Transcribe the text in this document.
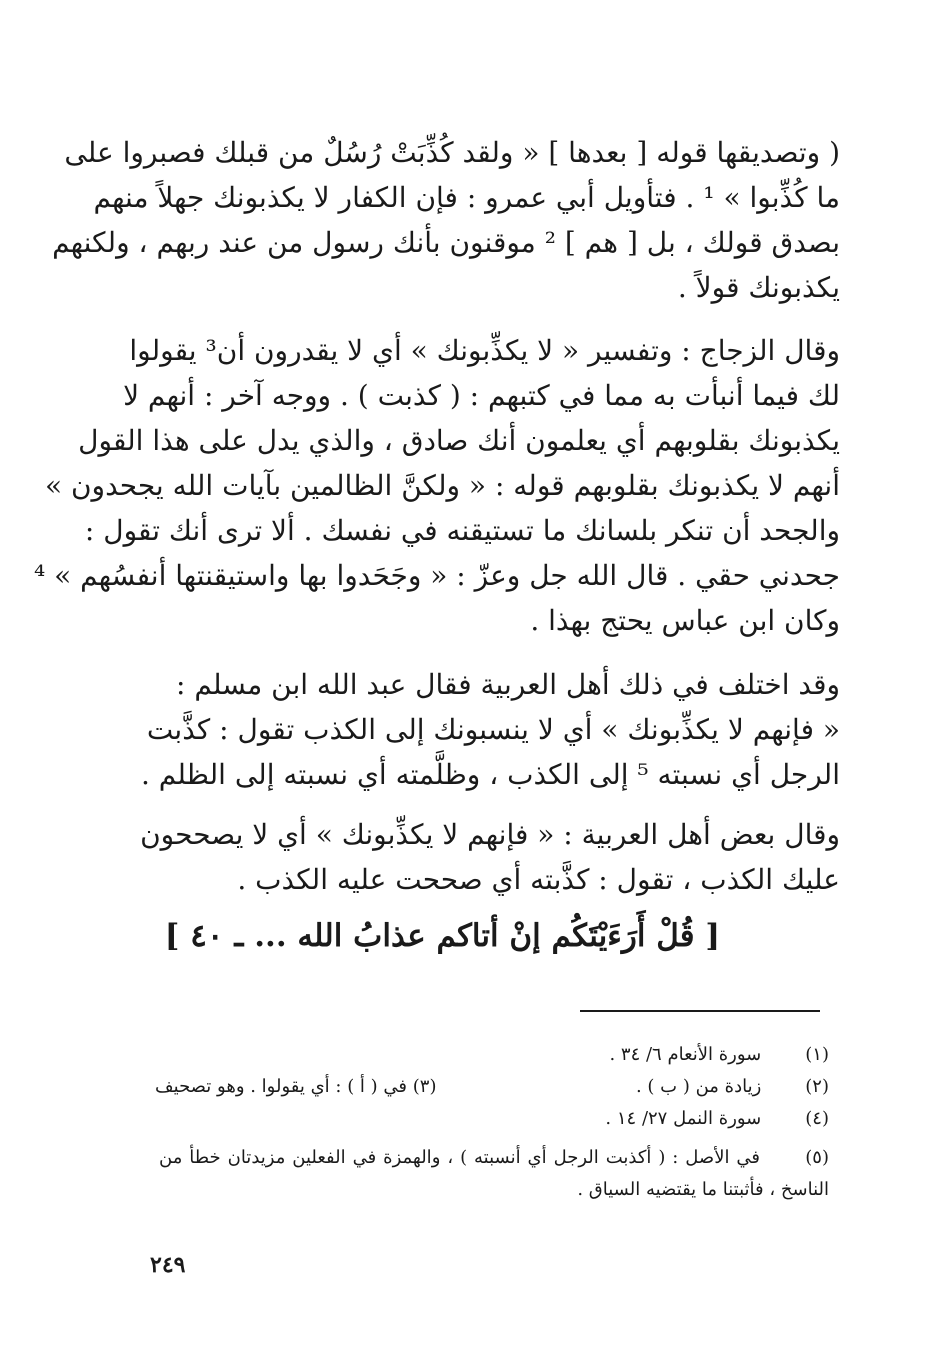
( وتصديقها قوله [ بعدها ] « ولقد كُذِّبَتْ رُسُلٌ من قبلك فصبروا على
ما كُذِّبوا » ¹ . فتأويل أبي عمرو : فإن الكفار لا يكذبونك جهلاً منهم
بصدق قولك ، بل [ هم ] ² موقنون بأنك رسول من عند ربهم ، ولكنهم
يكذبونك قولاً .
وقال الزجاج : وتفسير « لا يكذِّبونك » أي لا يقدرون أن³ يقولوا
لك فيما أنبأت به مما في كتبهم : ( كذبت ) . ووجه آخر : أنهم لا
يكذبونك بقلوبهم أي يعلمون أنك صادق ، والذي يدل على هذا القول
أنهم لا يكذبونك بقلوبهم قوله : « ولكنَّ الظالمين بآيات الله يجحدون »
والجحد أن تنكر بلسانك ما تستيقنه في نفسك . ألا ترى أنك تقول :
جحدني حقي . قال الله جل وعزّ : « وجَحَدوا بها واستيقنتها أنفسُهم » ⁴
وكان ابن عباس يحتج بهذا .
وقد اختلف في ذلك أهل العربية فقال عبد الله ابن مسلم :
« فإنهم لا يكذِّبونك » أي لا ينسبونك إلى الكذب تقول : كذَّبت
الرجل أي نسبته ⁵ إلى الكذب ، وظلَّمته أي نسبته إلى الظلم .
وقال بعض أهل العربية : « فإنهم لا يكذِّبونك » أي لا يصححون
عليك الكذب ، تقول : كذَّبته أي صححت عليه الكذب .
[ قُلْ أَرَءَيْتَكُم إنْ أتاكم عذابُ الله ... ـ ٤٠ ]
(١) سورة الأنعام ٦/ ٣٤ .
(٢) زيادة من ( ب ) .
(٣) في ( أ ) : أي يقولوا . وهو تصحيف
(٤) سورة النمل ٢٧/ ١٤ .
(٥) في الأصل : ( أكذبت الرجل أي أنسبته ) ، والهمزة في الفعلين مزيدتان خطأ من الناسخ ، فأثبتنا ما يقتضيه السياق .
٢٤٩
